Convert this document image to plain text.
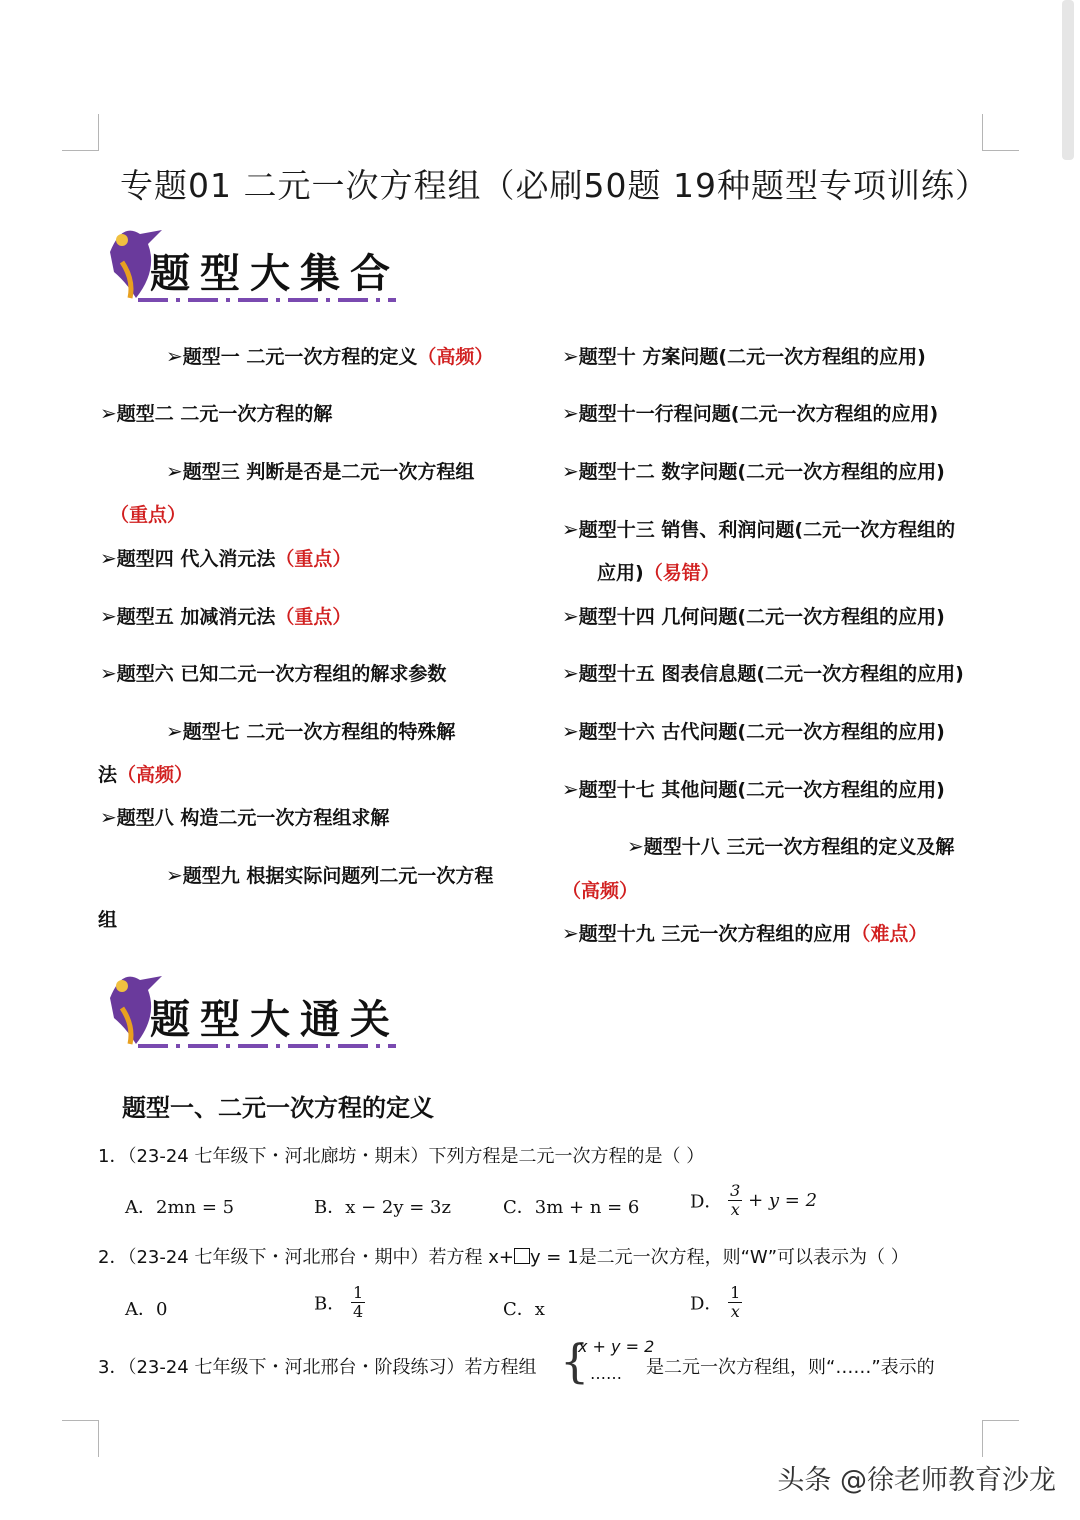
专题01 二元一次方程组（必刷50题 19种题型专项训练）
题型大集合
➢题型一 二元一次方程的定义（高频）
➢题型二 二元一次方程的解
➢题型三 判断是否是二元一次方程组
（重点）
➢题型四 代入消元法（重点）
➢题型五 加减消元法（重点）
➢题型六 已知二元一次方程组的解求参数
➢题型七 二元一次方程组的特殊解
法（高频）
➢题型八 构造二元一次方程组求解
➢题型九 根据实际问题列二元一次方程
组
➢题型十 方案问题(二元一次方程组的应用)
➢题型十一行程问题(二元一次方程组的应用)
➢题型十二 数字问题(二元一次方程组的应用)
➢题型十三 销售、利润问题(二元一次方程组的
应用)（易错）
➢题型十四 几何问题(二元一次方程组的应用)
➢题型十五 图表信息题(二元一次方程组的应用)
➢题型十六 古代问题(二元一次方程组的应用)
➢题型十七 其他问题(二元一次方程组的应用)
➢题型十八 三元一次方程组的定义及解
（高频）
➢题型十九 三元一次方程组的应用（难点）
题型大通关
题型一、二元一次方程的定义
1．（23-24 七年级下・河北廊坊・期末）下列方程是二元一次方程的是（ ）
A．2mn = 5	B．x − 2y = 3z	C．3m + n = 6	D． $\frac{3}{x} + y = 2$
2．（23-24 七年级下・河北邢台・期中）若方程 x+ y = 1是二元一次方程，则“W”可以表示为（ ）
A．0	B． $\frac{1}{4}$	C．x	D． $\frac{1}{x}$
3．（23-24 七年级下・河北邢台・阶段练习）若方程组 {
x + y = 2
…… 是二元一次方程组，则“……”表示的
头条 @徐老师教育沙龙
